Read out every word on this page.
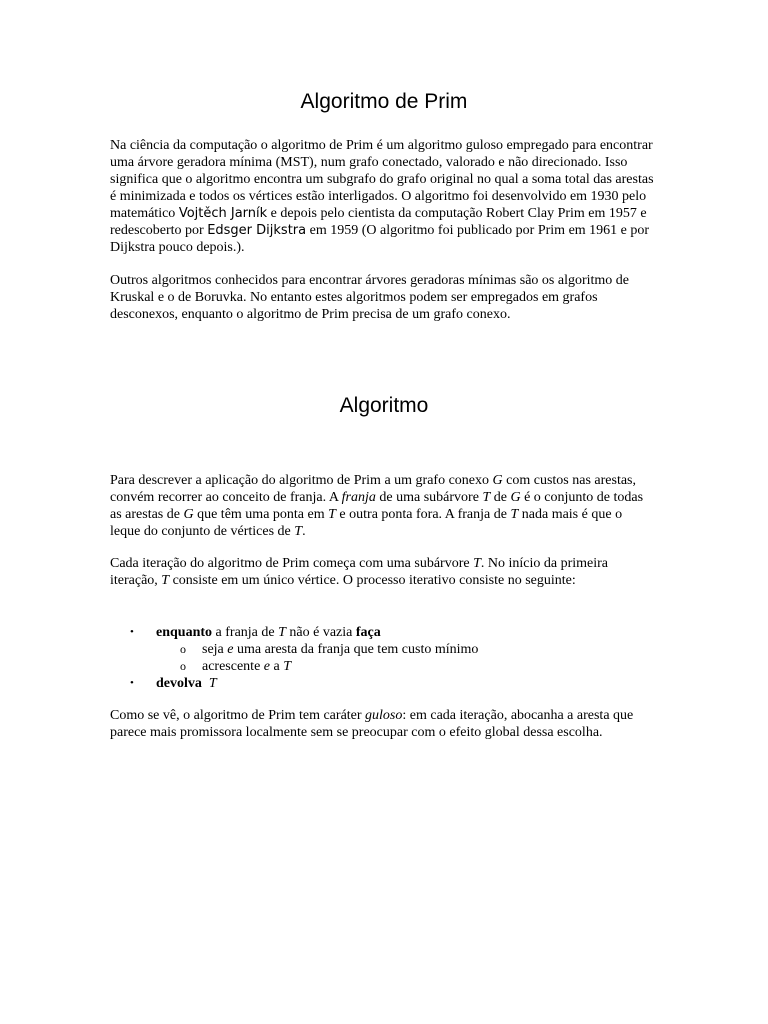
Algoritmo de Prim

Na ciência da computação o algoritmo de Prim é um algoritmo guloso empregado para encontrar uma árvore geradora mínima (MST), num grafo conectado, valorado e não direcionado. Isso significa que o algoritmo encontra um subgrafo do grafo original no qual a soma total das arestas é minimizada e todos os vértices estão interligados. O algoritmo foi desenvolvido em 1930 pelo matemático Vojtěch Jarník e depois pelo cientista da computação Robert Clay Prim em 1957 e redescoberto por Edsger Dijkstra em 1959 (O algoritmo foi publicado por Prim em 1961 e por Dijkstra pouco depois.).

Outros algoritmos conhecidos para encontrar árvores geradoras mínimas são os algoritmo de Kruskal e o de Boruvka. No entanto estes algoritmos podem ser empregados em grafos desconexos, enquanto o algoritmo de Prim precisa de um grafo conexo.

Algoritmo

Para descrever a aplicação do algoritmo de Prim a um grafo conexo G com custos nas arestas, convém recorrer ao conceito de franja. A franja de uma subárvore T de G é o conjunto de todas as arestas de G que têm uma ponta em T e outra ponta fora. A franja de T nada mais é que o leque do conjunto de vértices de T.

Cada iteração do algoritmo de Prim começa com uma subárvore T. No início da primeira iteração, T consiste em um único vértice. O processo iterativo consiste no seguinte:

• enquanto a franja de T não é vazia faça
o seja e uma aresta da franja que tem custo mínimo
o acrescente e a T
• devolva T

Como se vê, o algoritmo de Prim tem caráter guloso: em cada iteração, abocanha a aresta que parece mais promissora localmente sem se preocupar com o efeito global dessa escolha.
